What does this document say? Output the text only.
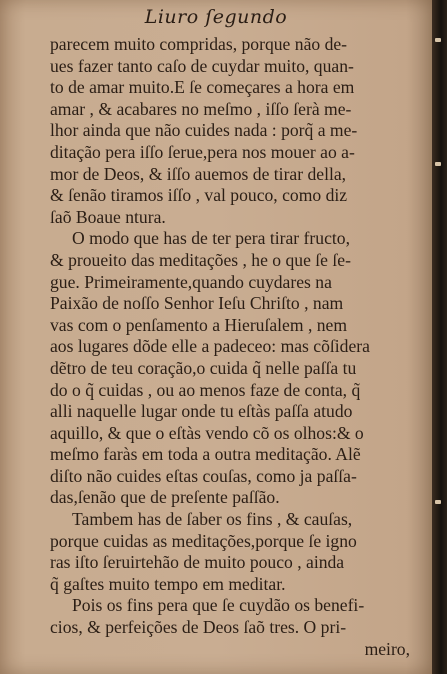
Liuro ſegundo
parecem muito compridas, porque não de-
ues fazer tanto caſo de cuydar muito, quan-
to de amar muito.E ſe começares a hora em
amar , & acabares no meſmo , iſſo ſerà me-
lhor ainda que não cuides nada : porq̃ a me-
ditação pera iſſo ſerue,pera nos mouer ao a-
mor de Deos, & iſſo auemos de tirar della,
& ſenão tiramos iſſo , val pouco, como diz
ſaõ Boaue ntura.
O modo que has de ter pera tirar fructo,
& proueito das meditações , he o que ſe ſe-
gue. Primeiramente,quando cuydares na
Paixão de noſſo Senhor Ieſu Chriſto , nam
vas com o penſamento a Hieruſalem , nem
aos lugares dõde elle a padeceo: mas cõſidera
dẽtro de teu coração,o cuida q̃ nelle paſſa tu
do o q̃ cuidas , ou ao menos faze de conta, q̃
alli naquelle lugar onde tu eſtàs paſſa atudo
aquillo, & que o eſtàs vendo cõ os olhos:& o
meſmo faràs em toda a outra meditação. Alẽ
diſto não cuides eſtas couſas, como ja paſſa-
das,ſenão que de preſente paſſão.
Tambem has de ſaber os fins , & cauſas,
porque cuidas as meditações,porque ſe igno
ras iſto ſeruirtehão de muito pouco , ainda
q̃ gaſtes muito tempo em meditar.
Pois os fins pera que ſe cuydão os benefi-
cios, & perfeições de Deos ſaõ tres. O pri-
meiro,
